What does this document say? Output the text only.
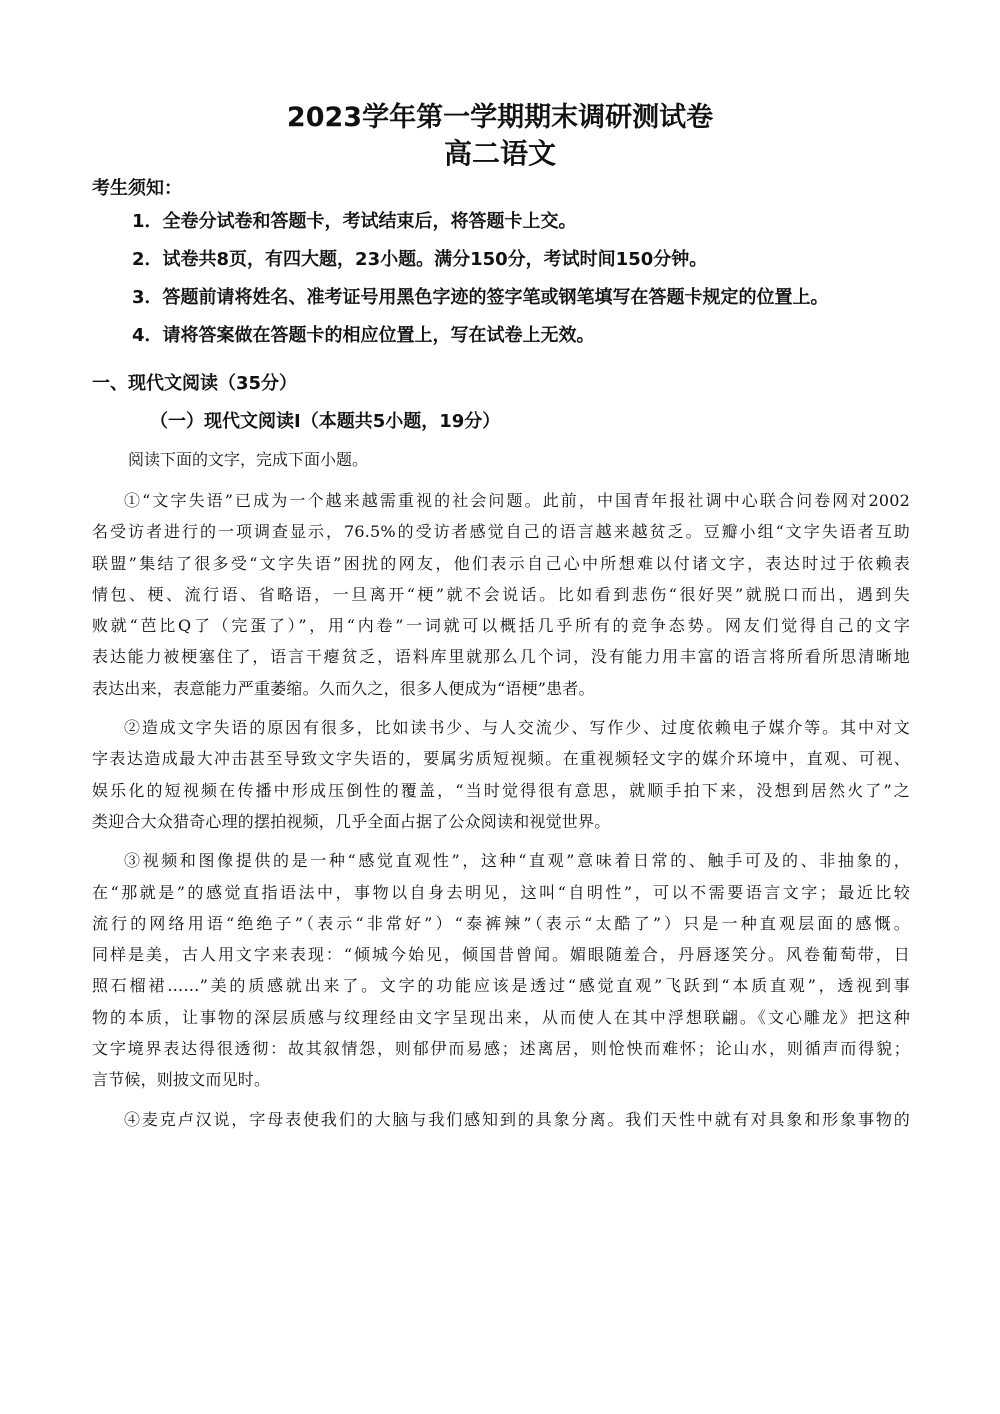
2023学年第一学期期末调研测试卷
高二语文
考生须知：
1．全卷分试卷和答题卡，考试结束后，将答题卡上交。
2．试卷共8页，有四大题，23小题。满分150分，考试时间150分钟。
3．答题前请将姓名、准考证号用黑色字迹的签字笔或钢笔填写在答题卡规定的位置上。
4．请将答案做在答题卡的相应位置上，写在试卷上无效。
一、现代文阅读（35分）
（一）现代文阅读Ⅰ（本题共5小题，19分）
阅读下面的文字，完成下面小题。
①“文字失语”已成为一个越来越需重视的社会问题。此前，中国青年报社调中心联合问卷网对2002
名受访者进行的一项调查显示，76.5%的受访者感觉自己的语言越来越贫乏。豆瓣小组“文字失语者互助
联盟”集结了很多受“文字失语”困扰的网友，他们表示自己心中所想难以付诸文字，表达时过于依赖表
情包、梗、流行语、省略语，一旦离开“梗”就不会说话。比如看到悲伤“很好哭”就脱口而出，遇到失
败就“芭比Q了（完蛋了）”，用“内卷”一词就可以概括几乎所有的竞争态势。网友们觉得自己的文字
表达能力被梗塞住了，语言干瘪贫乏，语料库里就那么几个词，没有能力用丰富的语言将所看所思清晰地
表达出来，表意能力严重萎缩。久而久之，很多人便成为“语梗”患者。
②造成文字失语的原因有很多，比如读书少、与人交流少、写作少、过度依赖电子媒介等。其中对文
字表达造成最大冲击甚至导致文字失语的，要属劣质短视频。在重视频轻文字的媒介环境中，直观、可视、
娱乐化的短视频在传播中形成压倒性的覆盖，“当时觉得很有意思，就顺手拍下来，没想到居然火了”之
类迎合大众猎奇心理的摆拍视频，几乎全面占据了公众阅读和视觉世界。
③视频和图像提供的是一种“感觉直观性”，这种“直观”意味着日常的、触手可及的、非抽象的，
在“那就是”的感觉直指语法中，事物以自身去明见，这叫“自明性”，可以不需要语言文字；最近比较
流行的网络用语“绝绝子”（表示“非常好”）“泰裤辣”（表示“太酷了”）只是一种直观层面的感慨。
同样是美，古人用文字来表现：“倾城今始见，倾国昔曾闻。媚眼随羞合，丹唇逐笑分。风卷葡萄带，日
照石榴裙……”美的质感就出来了。文字的功能应该是透过“感觉直观”飞跃到“本质直观”，透视到事
物的本质，让事物的深层质感与纹理经由文字呈现出来，从而使人在其中浮想联翩。《文心雕龙》把这种
文字境界表达得很透彻：故其叙情怨，则郁伊而易感；述离居，则怆怏而难怀；论山水，则循声而得貌；
言节候，则披文而见时。
④麦克卢汉说，字母表使我们的大脑与我们感知到的具象分离。我们天性中就有对具象和形象事物的
